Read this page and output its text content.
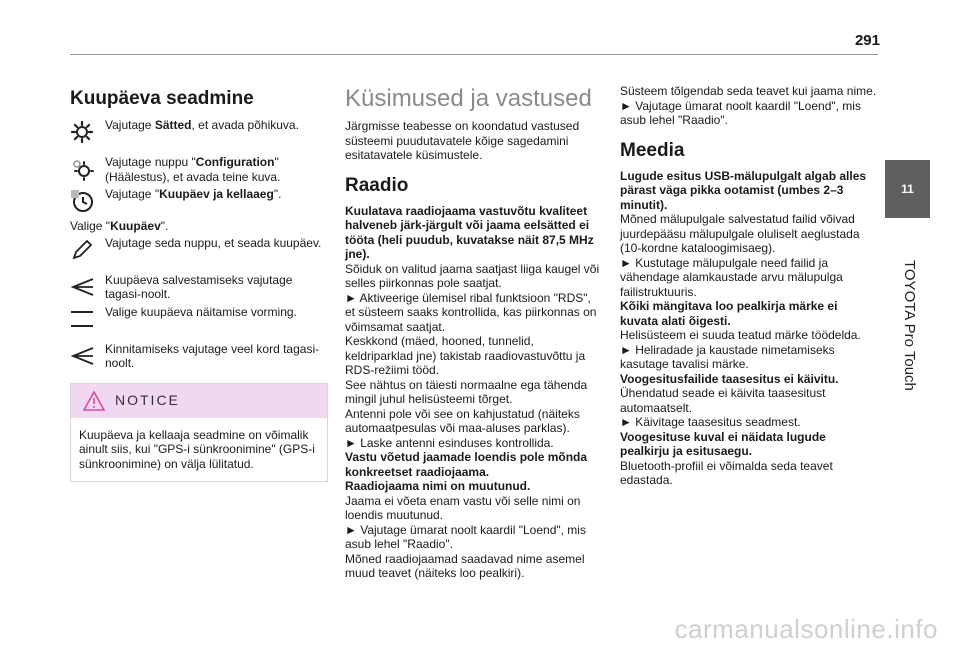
291
11
TOYOTA Pro Touch
Kuupäeva seadmine
Vajutage Sätted, et avada põhikuva.
Vajutage nuppu "Configuration" (Häälestus), et avada teine kuva.
Vajutage "Kuupäev ja kellaaeg".
Valige "Kuupäev".
Vajutage seda nuppu, et seada kuupäev.
Kuupäeva salvestamiseks vajutage tagasi-noolt.
Valige kuupäeva näitamise vorming.
Kinnitamiseks vajutage veel kord tagasi-noolt.
NOTICE
Kuupäeva ja kellaaja seadmine on võimalik ainult siis, kui "GPS-i sünkroonimine" (GPS-i sünkroonimine) on välja lülitatud.
Küsimused ja vastused

Järgmisse teabesse on koondatud vastused süsteemi puudutavatele kõige sagedamini esitatavatele küsimustele.

Raadio

Kuulatava raadiojaama vastuvõtu kvaliteet halveneb järk-järgult või jaama eelsätted ei tööta (heli puudub, kuvatakse näit 87,5 MHz jne).

Sõiduk on valitud jaama saatjast liiga kaugel või selles piirkonnas pole saatjat.

► Aktiveerige ülemisel ribal funktsioon "RDS", et süsteem saaks kontrollida, kas piirkonnas on võimsamat saatjat.

Keskkond (mäed, hooned, tunnelid, keldriparklad jne) takistab raadiovastuvõttu ja RDS-režiimi tööd.

See nähtus on täiesti normaalne ega tähenda mingil juhul helisüsteemi tõrget.

Antenni pole või see on kahjustatud (näiteks automaatpesulas või maa-aluses parklas).

► Laske antenni esinduses kontrollida.

Vastu võetud jaamade loendis pole mõnda konkreetset raadiojaama.

Raadiojaama nimi on muutunud.

Jaama ei võeta enam vastu või selle nimi on loendis muutunud.

► Vajutage ümarat noolt kaardil "Loend", mis asub lehel "Raadio".

Mõned raadiojaamad saadavad nime asemel muud teavet (näiteks loo pealkiri).

Süsteem tõlgendab seda teavet kui jaama nime.

► Vajutage ümarat noolt kaardil "Loend", mis asub lehel "Raadio".

Meedia

Lugude esitus USB-mälupulgalt algab alles pärast väga pikka ootamist (umbes 2–3 minutit).

Mõned mälupulgale salvestatud failid võivad juurdepääsu mälupulgale oluliselt aeglustada (10-kordne kataloogimisaeg).

► Kustutage mälupulgale need failid ja vähendage alamkaustade arvu mälupulga failistruktuuris.

Kõiki mängitava loo pealkirja märke ei kuvata alati õigesti.

Helisüsteem ei suuda teatud märke töödelda.

► Heliradade ja kaustade nimetamiseks kasutage tavalisi märke.

Voogesitusfailide taasesitus ei käivitu.

Ühendatud seade ei käivita taasesitust automaatselt.

► Käivitage taasesitus seadmest.

Voogesituse kuval ei näidata lugude pealkirju ja esitusaegu.

Bluetooth-profiil ei võimalda seda teavet edastada.

carmanualsonline.info
